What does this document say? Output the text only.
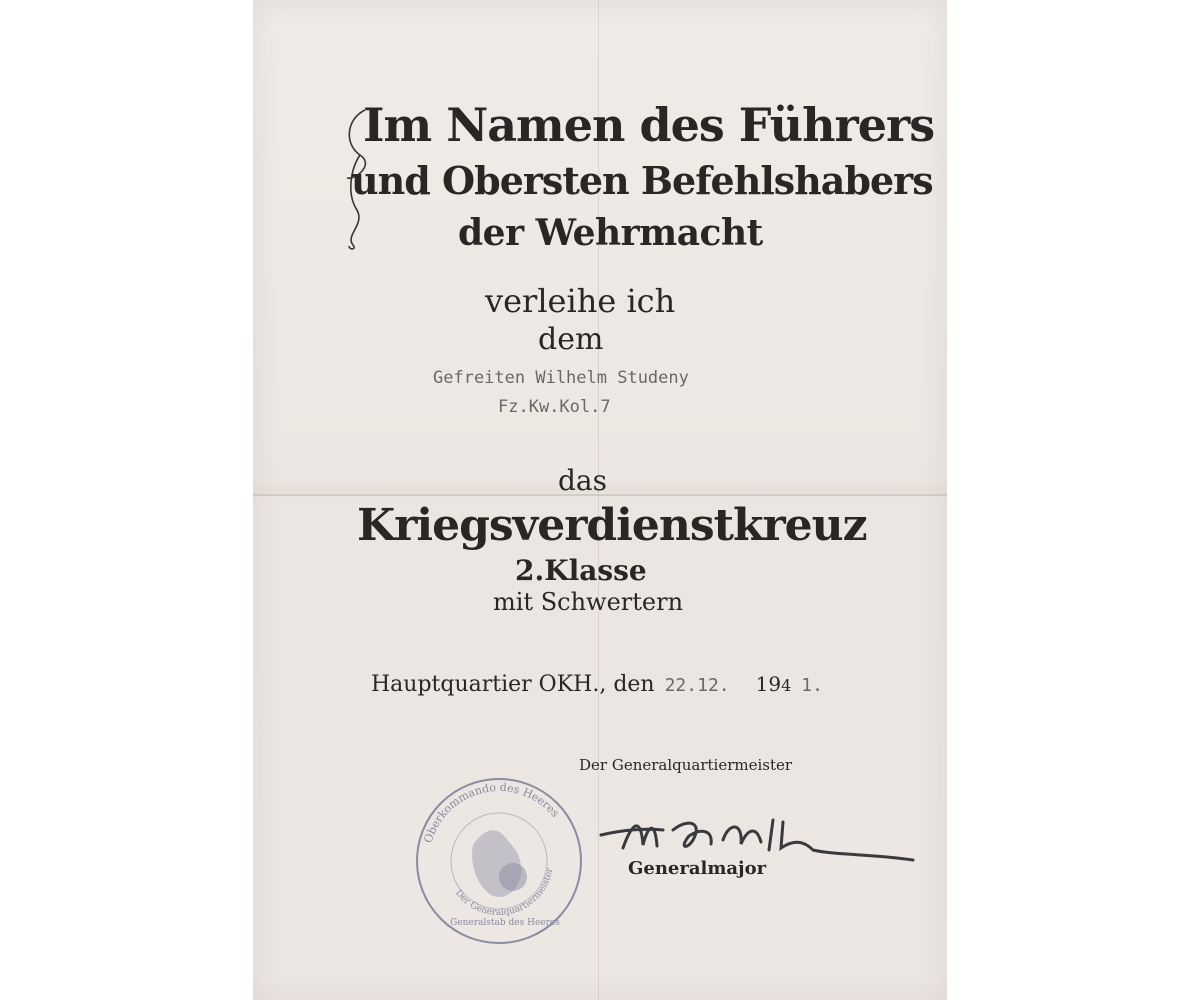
Im Namen des Führers
und Obersten Befehlshabers
der Wehrmacht
verleihe ich
dem
Gefreiten Wilhelm Studeny
Fz.Kw.Kol.7
das
Kriegsverdienstkreuz
2.Klasse
mit Schwertern
Hauptquartier OKH., den 22.12. 194 1.
Der Generalquartiermeister
Generalmajor
Oberkommando des Heeres
Der Generalquartiermeister
Generalstab des Heeres
